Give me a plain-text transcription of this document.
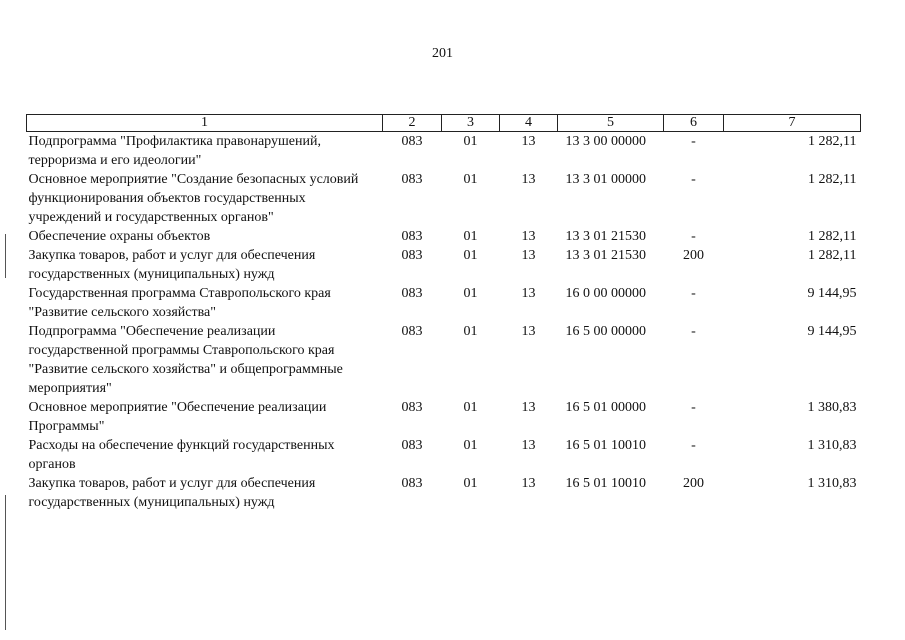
201
1	2	3	4	5	6	7
Подпрограмма "Профилактика правонарушений, терроризма и его идеологии"	083	01	13	13 3 00 00000	-	1 282,11
Основное мероприятие "Создание безопасных условий функционирования объектов государственных учреждений и государственных органов"	083	01	13	13 3 01 00000	-	1 282,11
Обеспечение охраны объектов	083	01	13	13 3 01 21530	-	1 282,11
Закупка товаров, работ и услуг для обеспечения государственных (муниципальных) нужд	083	01	13	13 3 01 21530	200	1 282,11
Государственная программа Ставропольского края "Развитие сельского хозяйства"	083	01	13	16 0 00 00000	-	9 144,95
Подпрограмма "Обеспечение реализации государственной программы Ставропольского края "Развитие сельского хозяйства" и общепрограммные мероприятия"	083	01	13	16 5 00 00000	-	9 144,95
Основное мероприятие "Обеспечение реализации Программы"	083	01	13	16 5 01 00000	-	1 380,83
Расходы на обеспечение функций государственных органов	083	01	13	16 5 01 10010	-	1 310,83
Закупка товаров, работ и услуг для обеспечения государственных (муниципальных) нужд	083	01	13	16 5 01 10010	200	1 310,83
